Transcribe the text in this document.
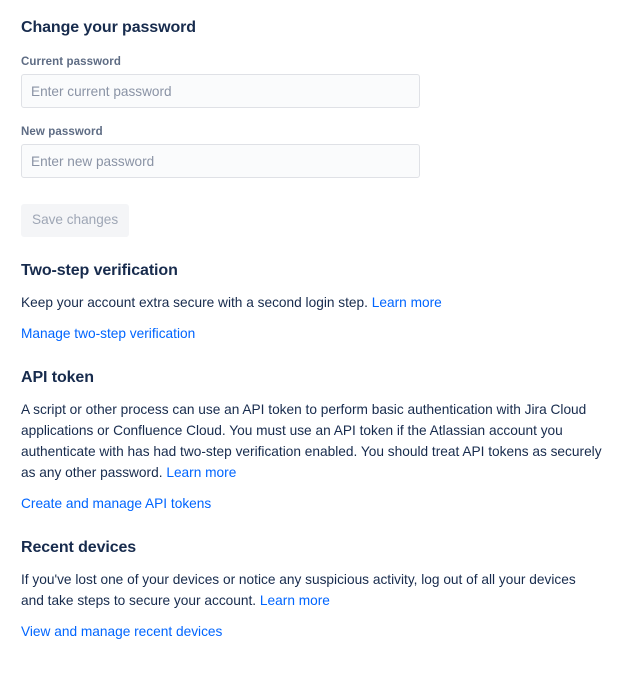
Change your password
Current password
New password
Save changes
Two-step verification

Keep your account extra secure with a second login step. Learn more

Manage two-step verification
API token

A script or other process can use an API token to perform basic authentication with Jira Cloud applications or Confluence Cloud. You must use an API token if the Atlassian account you authenticate with has had two-step verification enabled. You should treat API tokens as securely as any other password. Learn more

Create and manage API tokens
Recent devices

If you've lost one of your devices or notice any suspicious activity, log out of all your devices and take steps to secure your account. Learn more

View and manage recent devices
